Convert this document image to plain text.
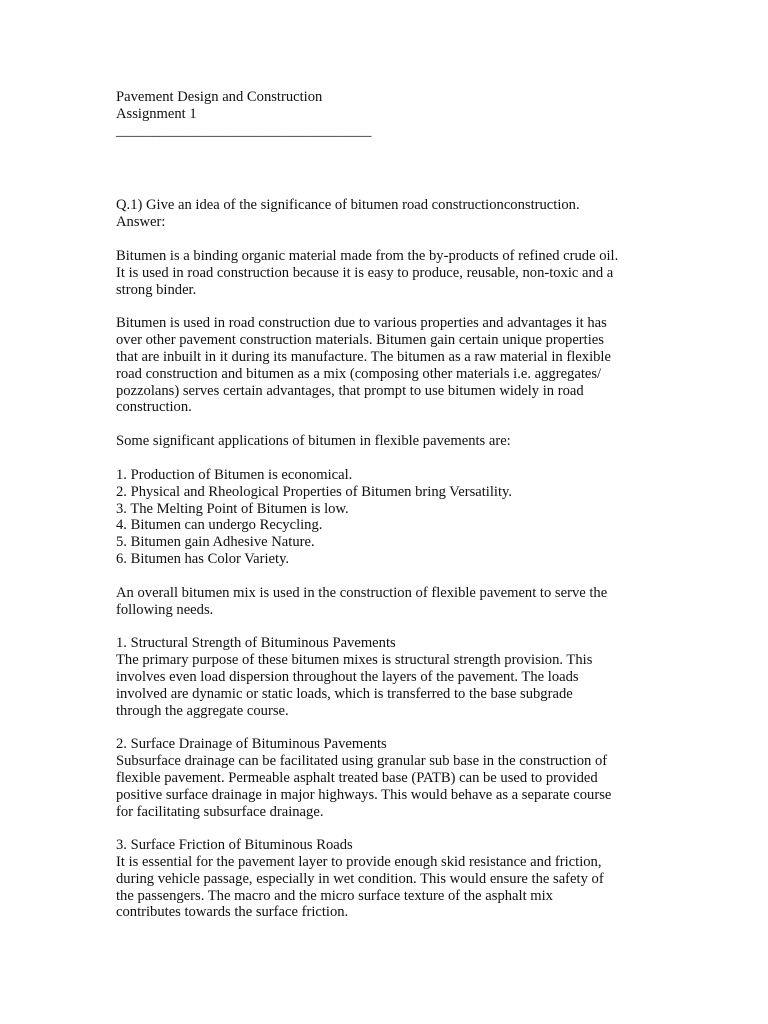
Pavement Design and Construction
Assignment 1
___________________________________
Q.1) Give an idea of the significance of bitumen road constructionconstruction.
Answer:
Bitumen is a binding organic material made from the by-products of refined crude oil.
It is used in road construction because it is easy to produce, reusable, non-toxic and a
strong binder.
Bitumen is used in road construction due to various properties and advantages it has
over other pavement construction materials. Bitumen gain certain unique properties
that are inbuilt in it during its manufacture. The bitumen as a raw material in flexible
road construction and bitumen as a mix (composing other materials i.e. aggregates/
pozzolans) serves certain advantages, that prompt to use bitumen widely in road
construction.
Some significant applications of bitumen in flexible pavements are:
1. Production of Bitumen is economical.
2. Physical and Rheological Properties of Bitumen bring Versatility.
3. The Melting Point of Bitumen is low.
4. Bitumen can undergo Recycling.
5. Bitumen gain Adhesive Nature.
6. Bitumen has Color Variety.
An overall bitumen mix is used in the construction of flexible pavement to serve the
following needs.
1. Structural Strength of Bituminous Pavements
The primary purpose of these bitumen mixes is structural strength provision. This
involves even load dispersion throughout the layers of the pavement. The loads
involved are dynamic or static loads, which is transferred to the base subgrade
through the aggregate course.
2. Surface Drainage of Bituminous Pavements
Subsurface drainage can be facilitated using granular sub base in the construction of
flexible pavement. Permeable asphalt treated base (PATB) can be used to provided
positive surface drainage in major highways. This would behave as a separate course
for facilitating subsurface drainage.
3. Surface Friction of Bituminous Roads
It is essential for the pavement layer to provide enough skid resistance and friction,
during vehicle passage, especially in wet condition. This would ensure the safety of
the passengers. The macro and the micro surface texture of the asphalt mix
contributes towards the surface friction.
